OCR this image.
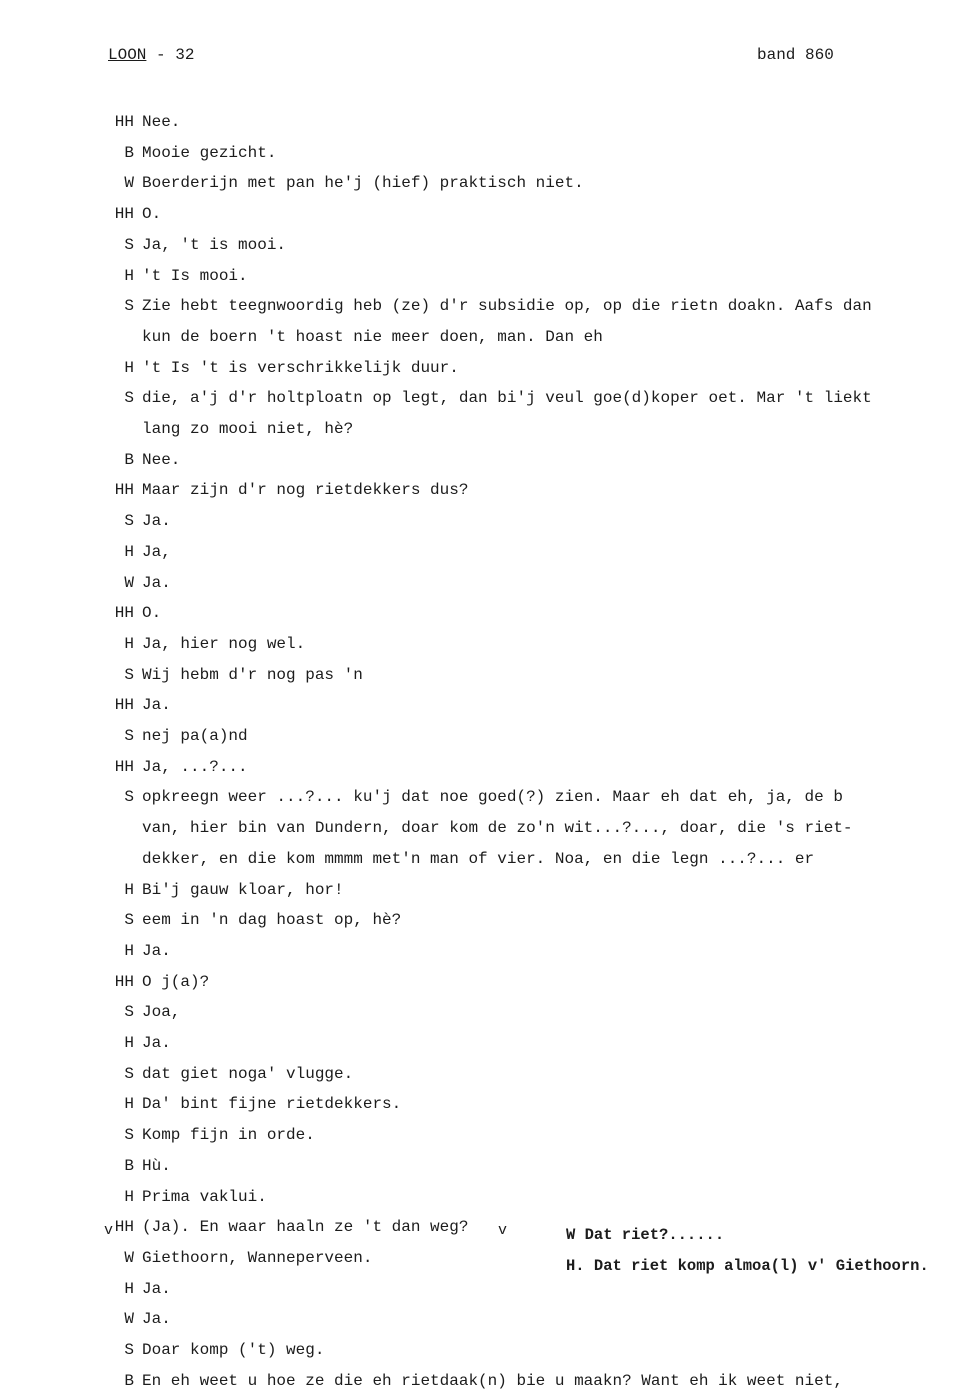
LOON - 32	band 860
HH Nee.
B Mooie gezicht.
W Boerderijn met pan he'j (hief) praktisch niet.
HH O.
S Ja, 't is mooi.
H 't Is mooi.
S Zie hebt teegnwoordig heb (ze) d'r subsidie op, op die rietn doakn. Aafs dan
kun de boern 't hoast nie meer doen, man. Dan eh
H 't Is 't is verschrikkelijk duur.
S die, a'j d'r holtploatn op legt, dan bi'j veul goe(d)koper oet. Mar 't liekt
lang zo mooi niet, hè?
B Nee.
HH Maar zijn d'r nog rietdekkers dus?
S Ja.
H Ja,
W Ja.
HH O.
H Ja, hier nog wel.
S Wij hebm d'r nog pas 'n
HH Ja.
S nej pa(a)nd
HH Ja, ...?...
S opkreegn weer ...?... ku'j dat noe goed(?) zien. Maar eh dat eh, ja, de b
van, hier bin van Dundern, doar kom de zo'n wit...?..., doar, die 's riet-
dekker, en die kom mmmm met'n man of vier. Noa, en die legn ...?... er
H Bi'j gauw kloar, hor!
S eem in 'n dag hoast op, hè?
H Ja.
HH O j(a)?
S Joa,
H Ja.
S dat giet noga' vlugge.
H Da' bint fijne rietdekkers.
S Komp fijn in orde.
B Hù.
H Prima vaklui.
HH (Ja). En waar haaln ze 't dan weg?
W Giethoorn, Wanneperveen.
H Ja.
W Ja.
S Doar komp ('t) weg.
B En eh weet u hoe ze die eh rietdaak(n) bie u maakn? Want eh ik weet niet,
W Dat riet?......
H. Dat riet komp almoa(l) v' Giethoorn.
v	v
